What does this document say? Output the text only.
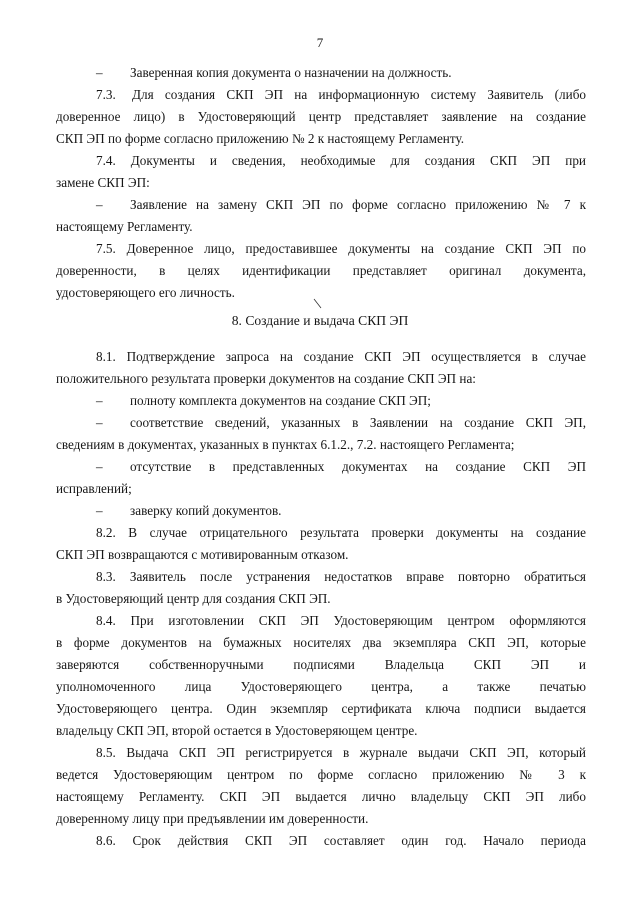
7
–	Заверенная копия документа о назначении на должность.
7.3.	Для создания СКП ЭП на информационную систему Заявитель (либо
доверенное лицо) в Удостоверяющий центр представляет заявление на создание
СКП ЭП по форме согласно приложению № 2 к настоящему Регламенту.
7.4. Документы и сведения, необходимые для создания СКП ЭП при
замене СКП ЭП:
–	Заявление на замену СКП ЭП по форме согласно приложению № 7 к
настоящему Регламенту.
7.5. Доверенное лицо, предоставившее документы на создание СКП ЭП по
доверенности, в целях идентификации представляет оригинал документа,
удостоверяющего его личность.
8. Создание и выдача СКП ЭП
8.1. Подтверждение запроса на создание СКП ЭП осуществляется в случае
положительного результата проверки документов на создание СКП ЭП на:
–	полноту комплекта документов на создание СКП ЭП;
–	соответствие сведений, указанных в Заявлении на создание СКП ЭП,
сведениям в документах, указанных в пунктах 6.1.2., 7.2. настоящего Регламента;
–	отсутствие в представленных документах на создание СКП ЭП
исправлений;
–	заверку копий документов.
8.2. В случае отрицательного результата проверки документы на создание
СКП ЭП возвращаются с мотивированным отказом.
8.3. Заявитель после устранения недостатков вправе повторно обратиться
в Удостоверяющий центр для создания СКП ЭП.
8.4. При изготовлении СКП ЭП Удостоверяющим центром оформляются
в форме документов на бумажных носителях два экземпляра СКП ЭП, которые
заверяются собственноручными подписями Владельца СКП ЭП и
уполномоченного лица Удостоверяющего центра, а также печатью
Удостоверяющего центра. Один экземпляр сертификата ключа подписи выдается
владельцу СКП ЭП, второй остается в Удостоверяющем центре.
8.5. Выдача СКП ЭП регистрируется в журнале выдачи СКП ЭП, который
ведется Удостоверяющим центром по форме согласно приложению № 3 к
настоящему Регламенту. СКП ЭП выдается лично владельцу СКП ЭП либо
доверенному лицу при предъявлении им доверенности.
8.6. Срок действия СКП ЭП составляет один год. Начало периода
